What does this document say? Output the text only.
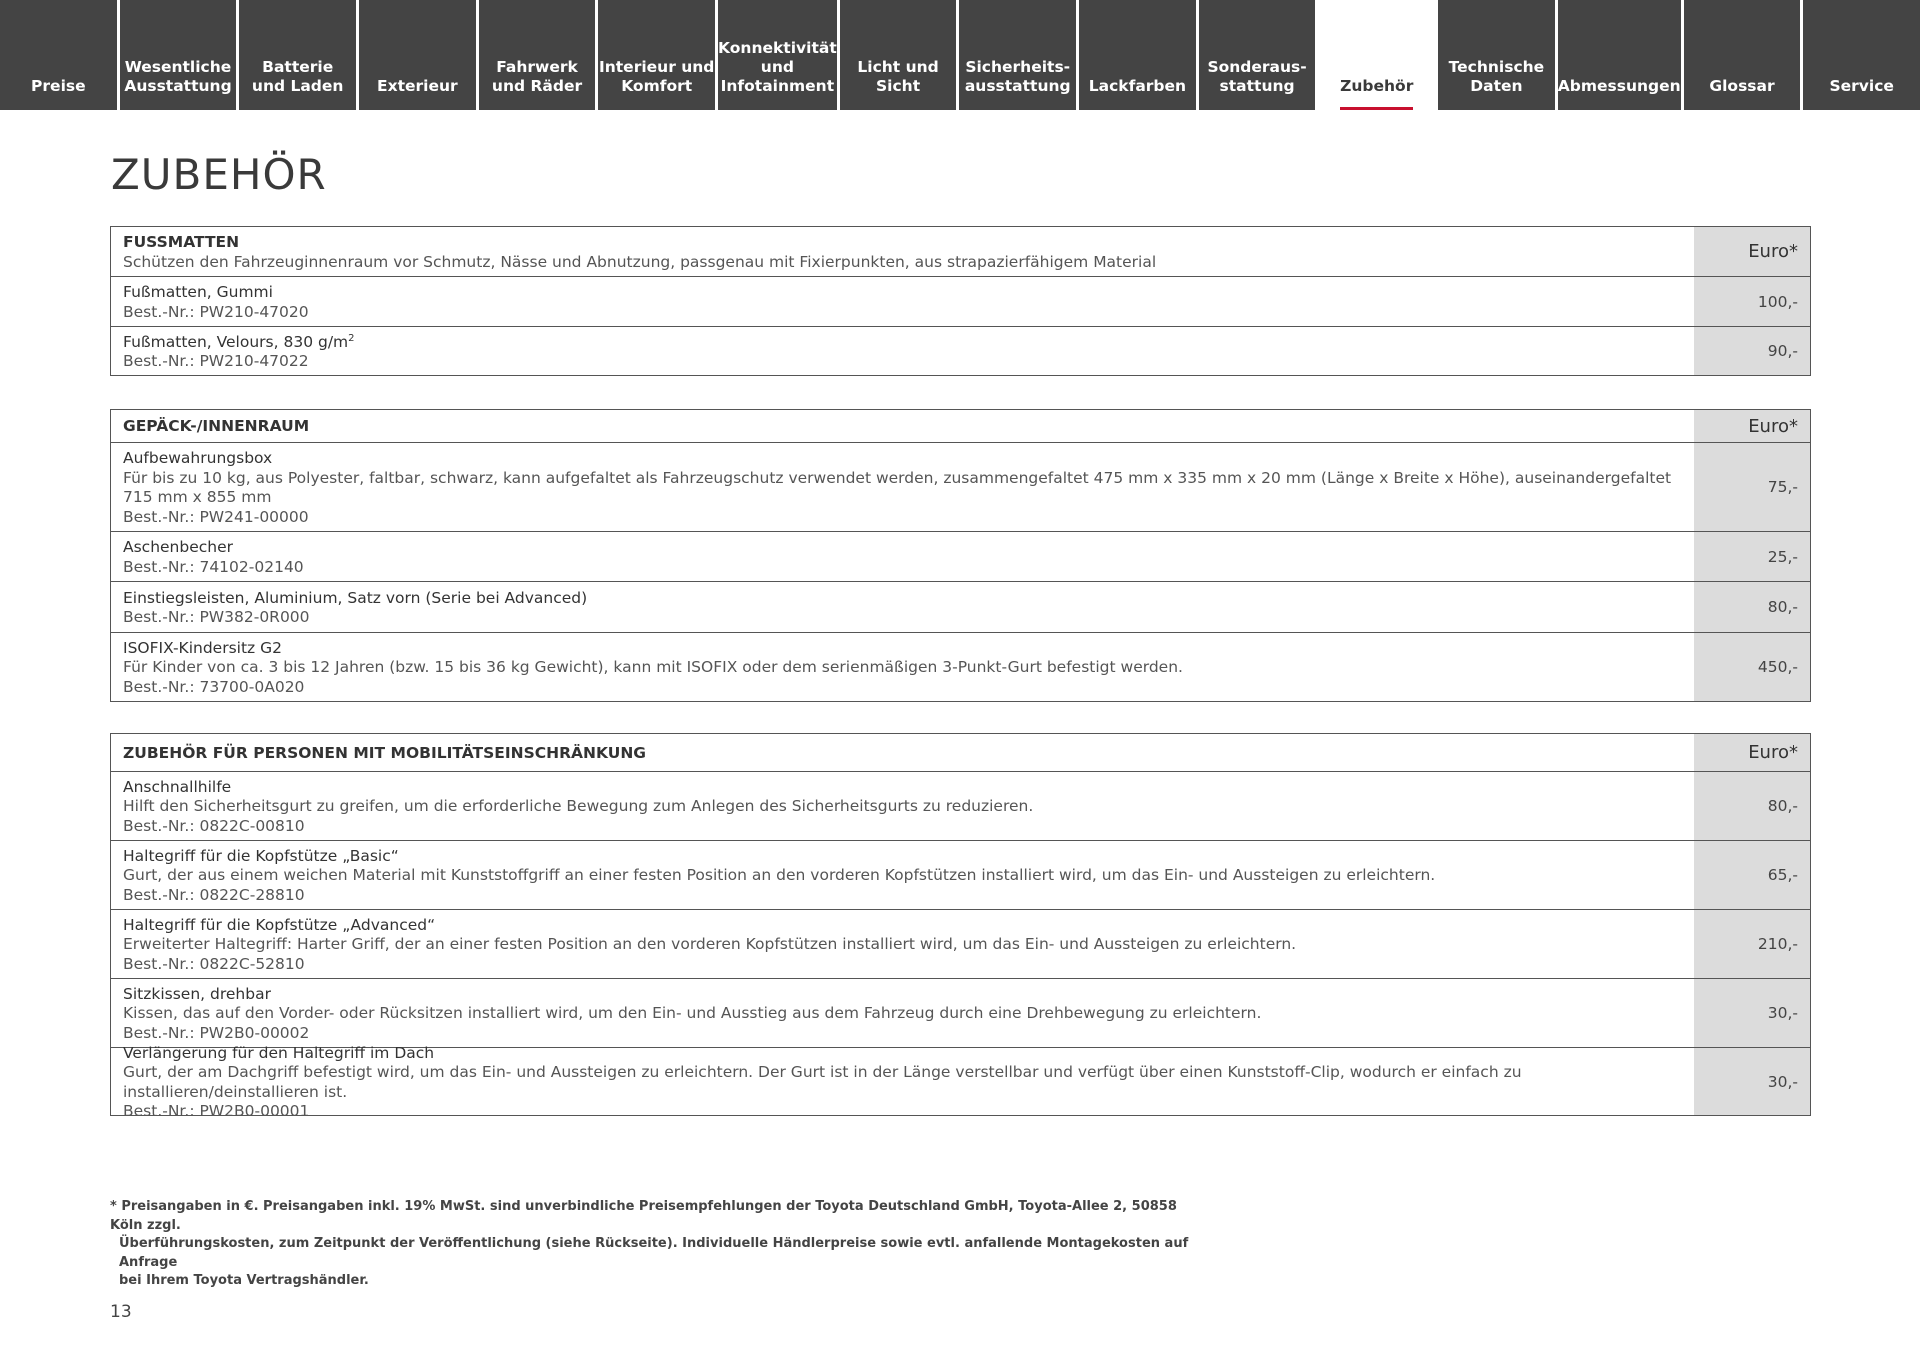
Preise
Wesentliche
Ausstattung
Batterie
und Laden Exterieur
Fahrwerk
und Räder
Interieur und
Komfort
Konnektivität
und
Infotainment
Licht und Sicht
Sicherheits-
ausstattung Lackfarben
Sonderaus-
stattung	Zubehör
Technische
Daten	Abmessungen Glossar	Service
ZUBEHÖR
FUSSMATTEN
Schützen den Fahrzeuginnenraum vor Schmutz, Nässe und Abnutzung, passgenau mit Fixierpunkten, aus strapazierfähigem Material	Euro*
Fußmatten, Gummi
Best.-Nr.: PW210-47020
100,-
Fußmatten, Velours, 830 $g/m^2$
Best.-Nr.: PW210-47022
90,-
GEPÄCK-/INNENRAUM	Euro*
Aufbewahrungsbox
Für bis zu 10 kg, aus Polyester, faltbar, schwarz, kann aufgefaltet als Fahrzeugschutz verwendet werden, zusammengefaltet 475 mm x 335 mm x 20 mm (Länge x Breite x Höhe), auseinandergefaltet
715 mm x 855 mm
Best.-Nr.: PW241-00000
75,-
Aschenbecher
Best.-Nr.: 74102-02140
25,-
Einstiegsleisten, Aluminium, Satz vorn (Serie bei Advanced)
Best.-Nr.: PW382-0R000
80,-
ISOFIX-Kindersitz G2
Für Kinder von ca. 3 bis 12 Jahren (bzw. 15 bis 36 kg Gewicht), kann mit ISOFIX oder dem serienmäßigen 3-Punkt-Gurt befestigt werden.
Best.-Nr.: 73700-0A020
450,-
ZUBEHÖR FÜR PERSONEN MIT MOBILITÄTSEINSCHRÄNKUNG	Euro*
Anschnallhilfe
Hilft den Sicherheitsgurt zu greifen, um die erforderliche Bewegung zum Anlegen des Sicherheitsgurts zu reduzieren.
Best.-Nr.: 0822C-00810
80,-
Haltegriff für die Kopfstütze „Basic“
Gurt, der aus einem weichen Material mit Kunststoffgriff an einer festen Position an den vorderen Kopfstützen installiert wird, um das Ein- und Aussteigen zu erleichtern.
Best.-Nr.: 0822C-28810
65,-
Haltegriff für die Kopfstütze „Advanced“
Erweiterter Haltegriff: Harter Griff, der an einer festen Position an den vorderen Kopfstützen installiert wird, um das Ein- und Aussteigen zu erleichtern.
Best.-Nr.: 0822C-52810
210,-
Sitzkissen, drehbar
Kissen, das auf den Vorder- oder Rücksitzen installiert wird, um den Ein- und Ausstieg aus dem Fahrzeug durch eine Drehbewegung zu erleichtern.
Best.-Nr.: PW2B0-00002
30,-
Verlängerung für den Haltegriff im Dach
Gurt, der am Dachgriff befestigt wird, um das Ein- und Aussteigen zu erleichtern. Der Gurt ist in der Länge verstellbar und verfügt über einen Kunststoff-Clip, wodurch er einfach zu installieren/deinstallieren ist.
Best.-Nr.: PW2B0-00001
30,-
* Preisangaben in €. Preisangaben inkl. 19% MwSt. sind unverbindliche Preisempfehlungen der Toyota Deutschland GmbH, Toyota-Allee 2, 50858 Köln zzgl.
Überführungskosten, zum Zeitpunkt der Veröffentlichung (siehe Rückseite). Individuelle Händlerpreise sowie evtl. anfallende Montagekosten auf Anfrage
bei Ihrem Toyota Vertragshändler.
13
